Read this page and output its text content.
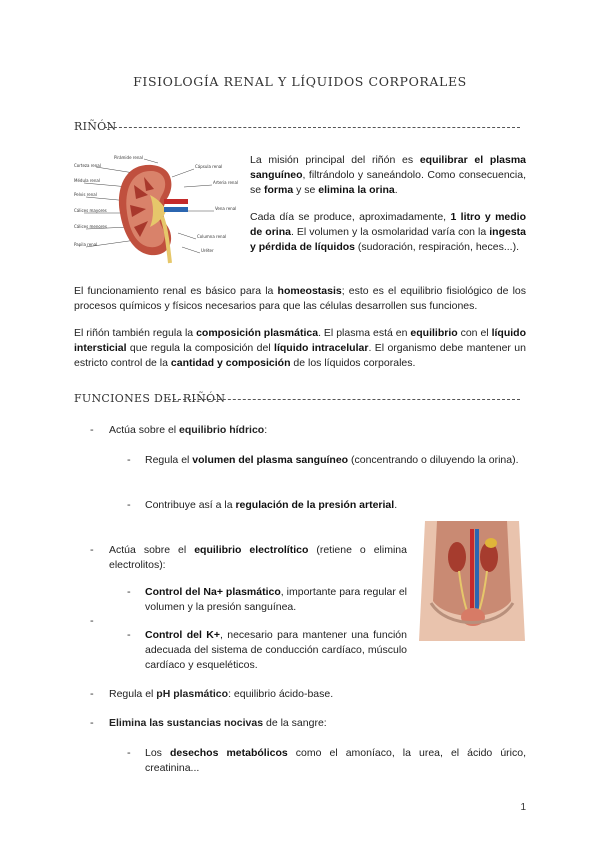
FISIOLOGÍA RENAL Y LÍQUIDOS CORPORALES
RIÑÓN
Corteza renal
Médula renal
Pelvis renal
Cálices mayores
Cálices menores
Papila renal
Cápsula renal
Arteria renal
Vena renal
Columna renal
Uréter
Pirámide renal	La misión principal del riñón es equilibrar el plasma sanguíneo, filtrándolo y saneándolo. Como consecuencia, se forma y se elimina la orina.
Cada día se produce, aproximadamente, 1 litro y medio de orina. El volumen y la osmolaridad varía con la ingesta y pérdida de líquidos (sudoración, respiración, heces...).
El funcionamiento renal es básico para la homeostasis; esto es el equilibrio fisiológico de los procesos químicos y físicos necesarios para que las células desarrollen sus funciones.
El riñón también regula la composición plasmática. El plasma está en equilibrio con el líquido intersticial que regula la composición del líquido intracelular. El organismo debe mantener un estricto control de la cantidad y composición de los líquidos corporales.
FUNCIONES DEL RIÑÓN
- Actúa sobre el equilibrio hídrico:
- Regula el volumen del plasma sanguíneo (concentrando o diluyendo la orina).
- Contribuye así a la regulación de la presión arterial.
- Actúa sobre el equilibrio electrolítico (retiene o elimina electrolitos):
- Control del Na+ plasmático, importante para regular el volumen y la presión sanguínea.
-
- Control del K+, necesario para mantener una función adecuada del sistema de conducción cardíaco, músculo cardíaco y esqueléticos.
- Regula el pH plasmático: equilibrio ácido-base.
- Elimina las sustancias nocivas de la sangre:
- Los desechos metabólicos como el amoníaco, la urea, el ácido úrico, creatinina...
1
